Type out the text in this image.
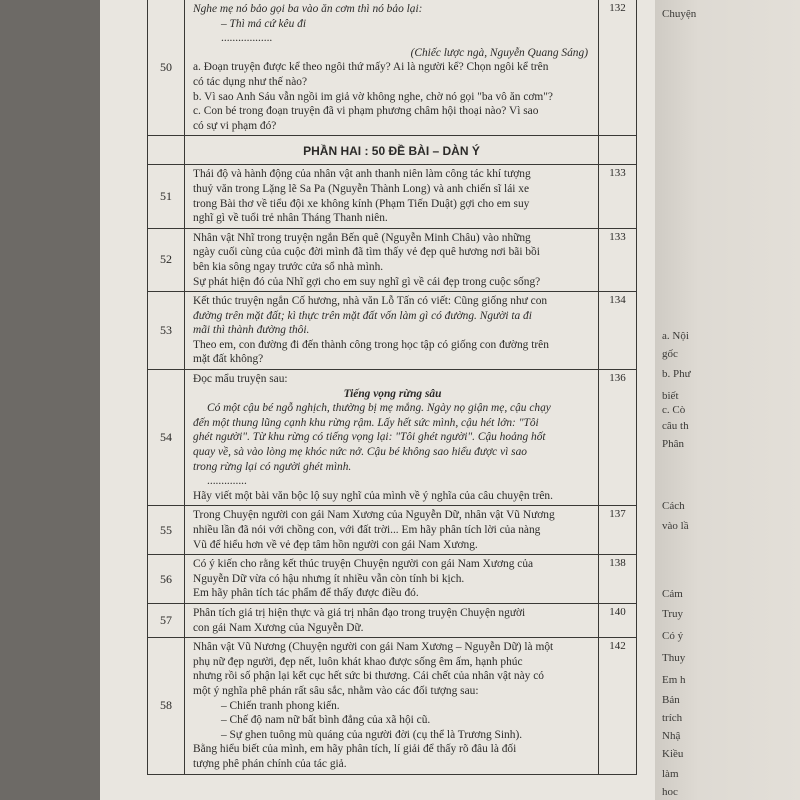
50
Nghe mẹ nó bảo gọi ba vào ăn cơm thì nó bảo lại:
– Thì má cứ kêu đi
..................
(Chiếc lược ngà, Nguyễn Quang Sáng)
a. Đoạn truyện được kể theo ngôi thứ mấy? Ai là người kể? Chọn ngôi kể trên
có tác dụng như thế nào?
b. Vì sao Anh Sáu vẫn ngồi im giả vờ không nghe, chờ nó gọi "ba vô ăn cơm"?
c. Con bé trong đoạn truyện đã vi phạm phương châm hội thoại nào? Vì sao
có sự vi phạm đó?
132
PHẦN HAI : 50 ĐỀ BÀI – DÀN Ý
51
Thái độ và hành động của nhân vật anh thanh niên làm công tác khí tượng
thuỷ văn trong Lặng lẽ Sa Pa (Nguyễn Thành Long) và anh chiến sĩ lái xe
trong Bài thơ về tiểu đội xe không kính (Phạm Tiến Duật) gợi cho em suy
nghĩ gì về tuổi trẻ nhân Tháng Thanh niên.
133
52
Nhân vật Nhĩ trong truyện ngắn Bến quê (Nguyễn Minh Châu) vào những
ngày cuối cùng của cuộc đời mình đã tìm thấy vẻ đẹp quê hương nơi bãi bồi
bên kia sông ngay trước cửa sổ nhà mình.
Sự phát hiện đó của Nhĩ gợi cho em suy nghĩ gì về cái đẹp trong cuộc sống?
133
53
Kết thúc truyện ngắn Cố hương, nhà văn Lỗ Tấn có viết: Cũng giống như con
đường trên mặt đất; kì thực trên mặt đất vốn làm gì có đường. Người ta đi
mãi thì thành đường thôi.
Theo em, con đường đi đến thành công trong học tập có giống con đường trên
mặt đất không?
134
54
Đọc mẩu truyện sau:
Tiếng vọng rừng sâu
Có một cậu bé ngỗ nghịch, thường bị mẹ mắng. Ngày nọ giận mẹ, cậu chạy
đến một thung lũng cạnh khu rừng rậm. Lấy hết sức mình, cậu hét lớn: "Tôi
ghét người". Từ khu rừng có tiếng vọng lại: "Tôi ghét người". Cậu hoảng hốt
quay về, sà vào lòng mẹ khóc nức nở. Cậu bé không sao hiểu được vì sao
trong rừng lại có người ghét mình.
..............
Hãy viết một bài văn bộc lộ suy nghĩ của mình về ý nghĩa của câu chuyện trên.
136
55
Trong Chuyện người con gái Nam Xương của Nguyễn Dữ, nhân vật Vũ Nương
nhiều lần đã nói với chồng con, với đất trời... Em hãy phân tích lời của nàng
Vũ để hiểu hơn về vẻ đẹp tâm hồn người con gái Nam Xương.
137
56
Có ý kiến cho rằng kết thúc truyện Chuyện người con gái Nam Xương của
Nguyễn Dữ vừa có hậu nhưng ít nhiều vẫn còn tính bi kịch.
Em hãy phân tích tác phẩm để thấy được điều đó.
138
57
Phân tích giá trị hiện thực và giá trị nhân đạo trong truyện Chuyện người
con gái Nam Xương của Nguyễn Dữ.
140
58
Nhân vật Vũ Nương (Chuyện người con gái Nam Xương – Nguyễn Dữ) là một
phụ nữ đẹp người, đẹp nết, luôn khát khao được sống êm ấm, hạnh phúc
nhưng rồi số phận lại kết cục hết sức bi thương. Cái chết của nhân vật này có
một ý nghĩa phê phán rất sâu sắc, nhằm vào các đối tượng sau:
– Chiến tranh phong kiến.
– Chế độ nam nữ bất bình đẳng của xã hội cũ.
– Sự ghen tuông mù quáng của người đời (cụ thể là Trương Sinh).
Bằng hiểu biết của mình, em hãy phân tích, lí giải để thấy rõ đâu là đối
tượng phê phán chính của tác giả.
142
Chuyện
a. Nội
gốc
b. Phư
biết
c. Cò
câu th
Phân
Cách
vào lầ
Cảm
Truy
Có ý
Thuy
Em h
Bản
trích
Nhậ
Kiều
làm
hoc
